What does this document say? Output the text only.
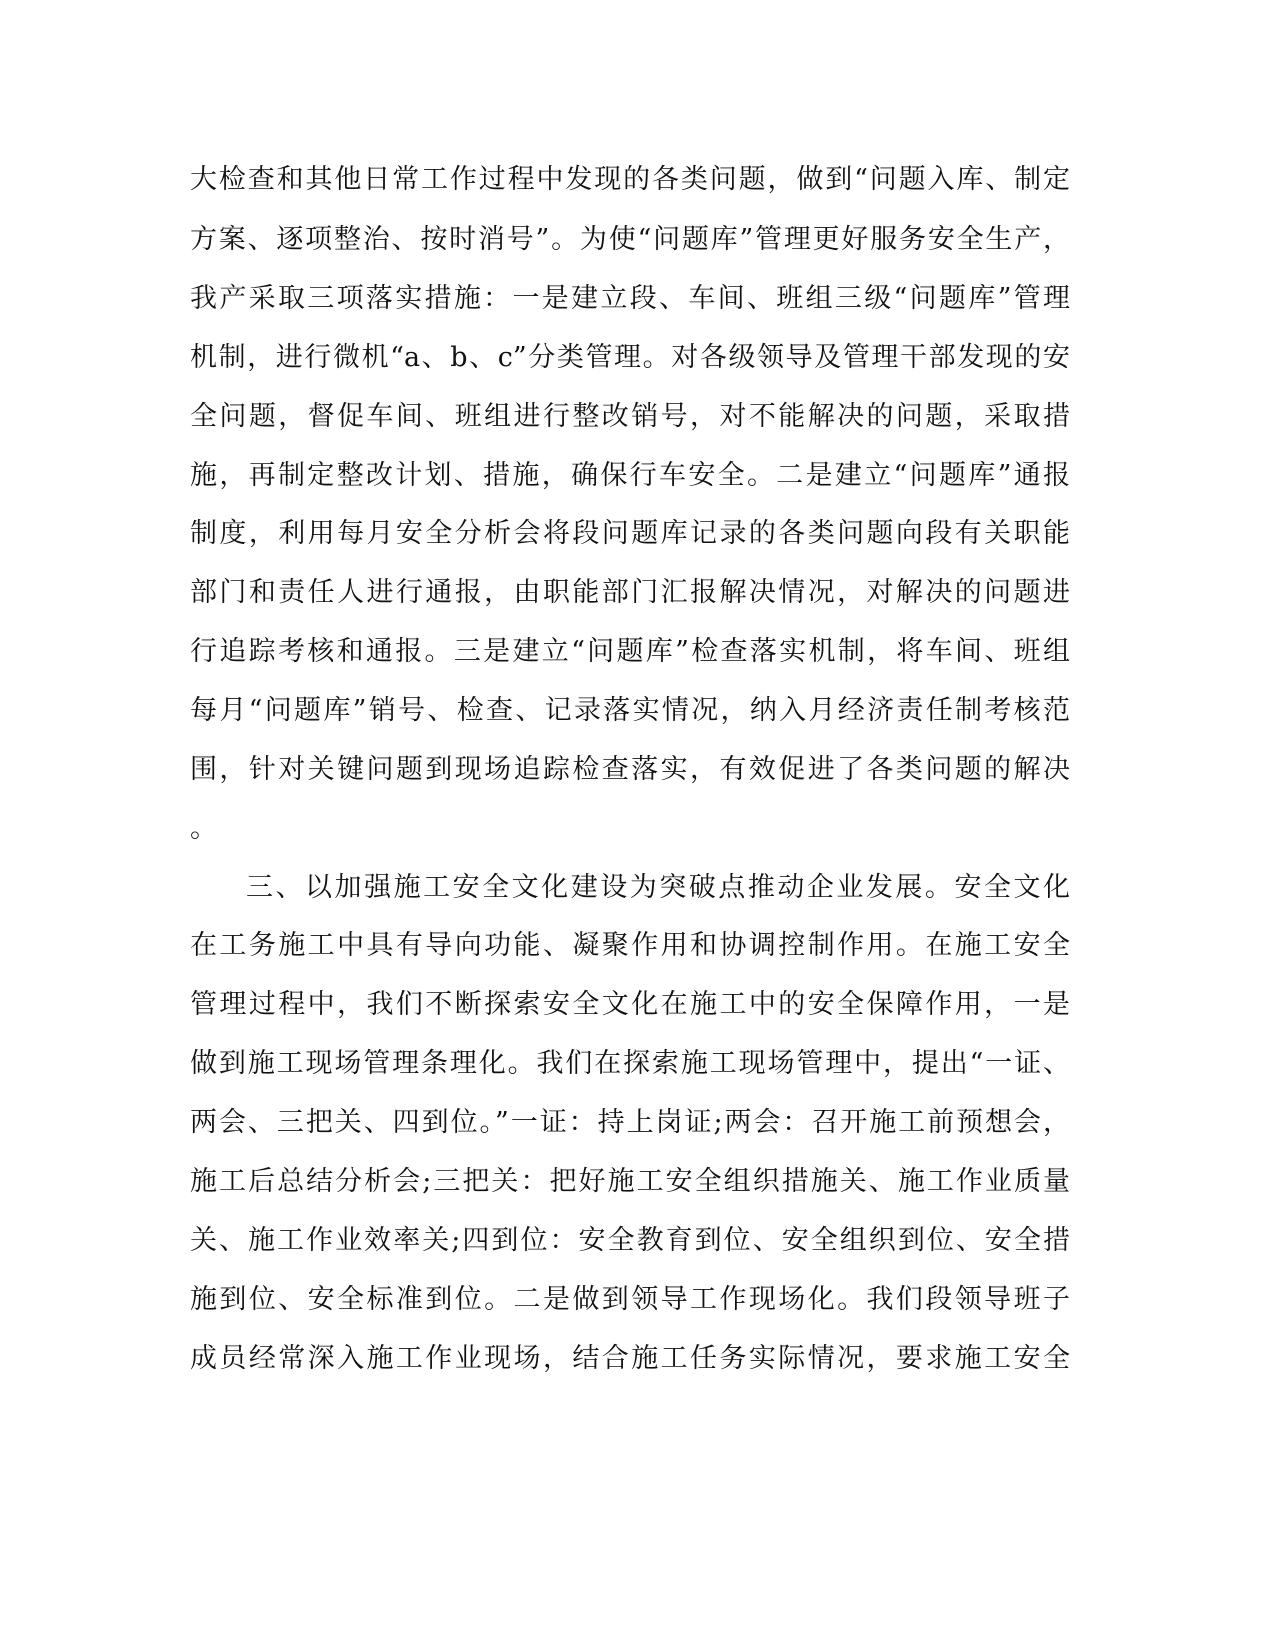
大检查和其他日常工作过程中发现的各类问题，做到“问题入库、制定
方案、逐项整治、按时消号”。为使“问题库”管理更好服务安全生产，
我产采取三项落实措施：一是建立段、车间、班组三级“问题库”管理
机制，进行微机“a、b、c”分类管理。对各级领导及管理干部发现的安
全问题，督促车间、班组进行整改销号，对不能解决的问题，采取措
施，再制定整改计划、措施，确保行车安全。二是建立“问题库”通报
制度，利用每月安全分析会将段问题库记录的各类问题向段有关职能
部门和责任人进行通报，由职能部门汇报解决情况，对解决的问题进
行追踪考核和通报。三是建立“问题库”检查落实机制，将车间、班组
每月“问题库”销号、检查、记录落实情况，纳入月经济责任制考核范
围，针对关键问题到现场追踪检查落实，有效促进了各类问题的解决
。
三、以加强施工安全文化建设为突破点推动企业发展。安全文化
在工务施工中具有导向功能、凝聚作用和协调控制作用。在施工安全
管理过程中，我们不断探索安全文化在施工中的安全保障作用，一是
做到施工现场管理条理化。我们在探索施工现场管理中，提出“一证、
两会、三把关、四到位。”一证：持上岗证;两会：召开施工前预想会，
施工后总结分析会;三把关：把好施工安全组织措施关、施工作业质量
关、施工作业效率关;四到位：安全教育到位、安全组织到位、安全措
施到位、安全标准到位。二是做到领导工作现场化。我们段领导班子
成员经常深入施工作业现场，结合施工任务实际情况，要求施工安全
